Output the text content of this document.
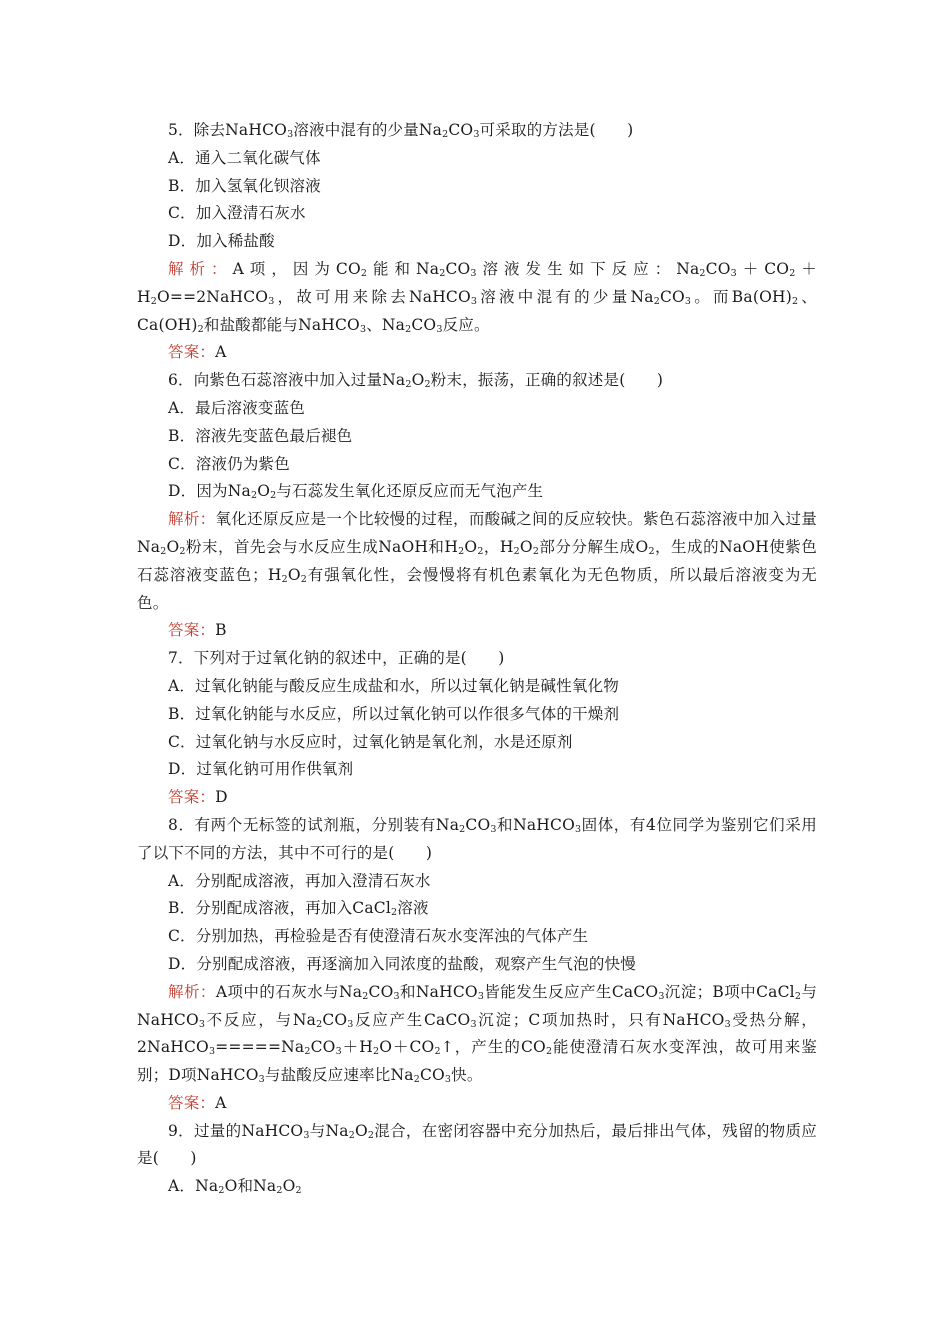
5．除去NaHCO$_3$溶液中混有的少量$Na_2CO_3$可采取的方法是(　　)
A．通入二氧化碳气体
B．加入氢氧化钡溶液
C．加入澄清石灰水
D．加入稀盐酸
解析：A项，因为$CO_2$能和$Na_2CO_3$溶液发生如下反应：$Na_2CO_3+CO_2+H_2O==2NaHCO_3$，故可用来除去NaHCO$_3$溶液中混有的少量$Na_2CO_3$。而$Ba(OH)_2$、$Ca(OH)_2$和盐酸都能与NaHCO$_3$、$Na_2CO_3$反应。
答案：A
6．向紫色石蕊溶液中加入过量$Na_2O_2$粉末，振荡，正确的叙述是(　　)
A．最后溶液变蓝色
B．溶液先变蓝色最后褪色
C．溶液仍为紫色
D．因为$Na_2O_2$与石蕊发生氧化还原反应而无气泡产生
解析：氧化还原反应是一个比较慢的过程，而酸碱之间的反应较快。紫色石蕊溶液中加入过量$Na_2O_2$粉末，首先会与水反应生成NaOH和$H_2O_2$，$H_2O_2$部分分解生成$O_2$，生成的NaOH使紫色石蕊溶液变蓝色；$H_2O_2$有强氧化性，会慢慢将有机色素氧化为无色物质，所以最后溶液变为无色。
答案：B
7．下列对于过氧化钠的叙述中，正确的是(　　)
A．过氧化钠能与酸反应生成盐和水，所以过氧化钠是碱性氧化物
B．过氧化钠能与水反应，所以过氧化钠可以作很多气体的干燥剂
C．过氧化钠与水反应时，过氧化钠是氧化剂，水是还原剂
D．过氧化钠可用作供氧剂
答案：D
8．有两个无标签的试剂瓶，分别装有$Na_2CO_3$和NaHCO$_3$固体，有4位同学为鉴别它们采用了以下不同的方法，其中不可行的是(　　)
A．分别配成溶液，再加入澄清石灰水
B．分别配成溶液，再加入CaCl$_2$溶液
C．分别加热，再检验是否有使澄清石灰水变浑浊的气体产生
D．分别配成溶液，再逐滴加入同浓度的盐酸，观察产生气泡的快慢
解析：A项中的石灰水与$Na_2CO_3$和NaHCO$_3$皆能发生反应产生CaCO$_3$沉淀；B项中CaCl$_2$与NaHCO$_3$不反应，与$Na_2CO_3$反应产生CaCO$_3$沉淀；C项加热时，只有NaHCO$_3$受热分解，$2NaHCO_3=====Na_2CO_3+H_2O+CO_2↑$，产生的$CO_2$能使澄清石灰水变浑浊，故可用来鉴别；D项NaHCO$_3$与盐酸反应速率比$Na_2CO_3$快。
答案：A
9．过量的NaHCO$_3$与$Na_2O_2$混合，在密闭容器中充分加热后，最后排出气体，残留的物质应是(　　)
A．$Na_2O$和$Na_2O_2$
